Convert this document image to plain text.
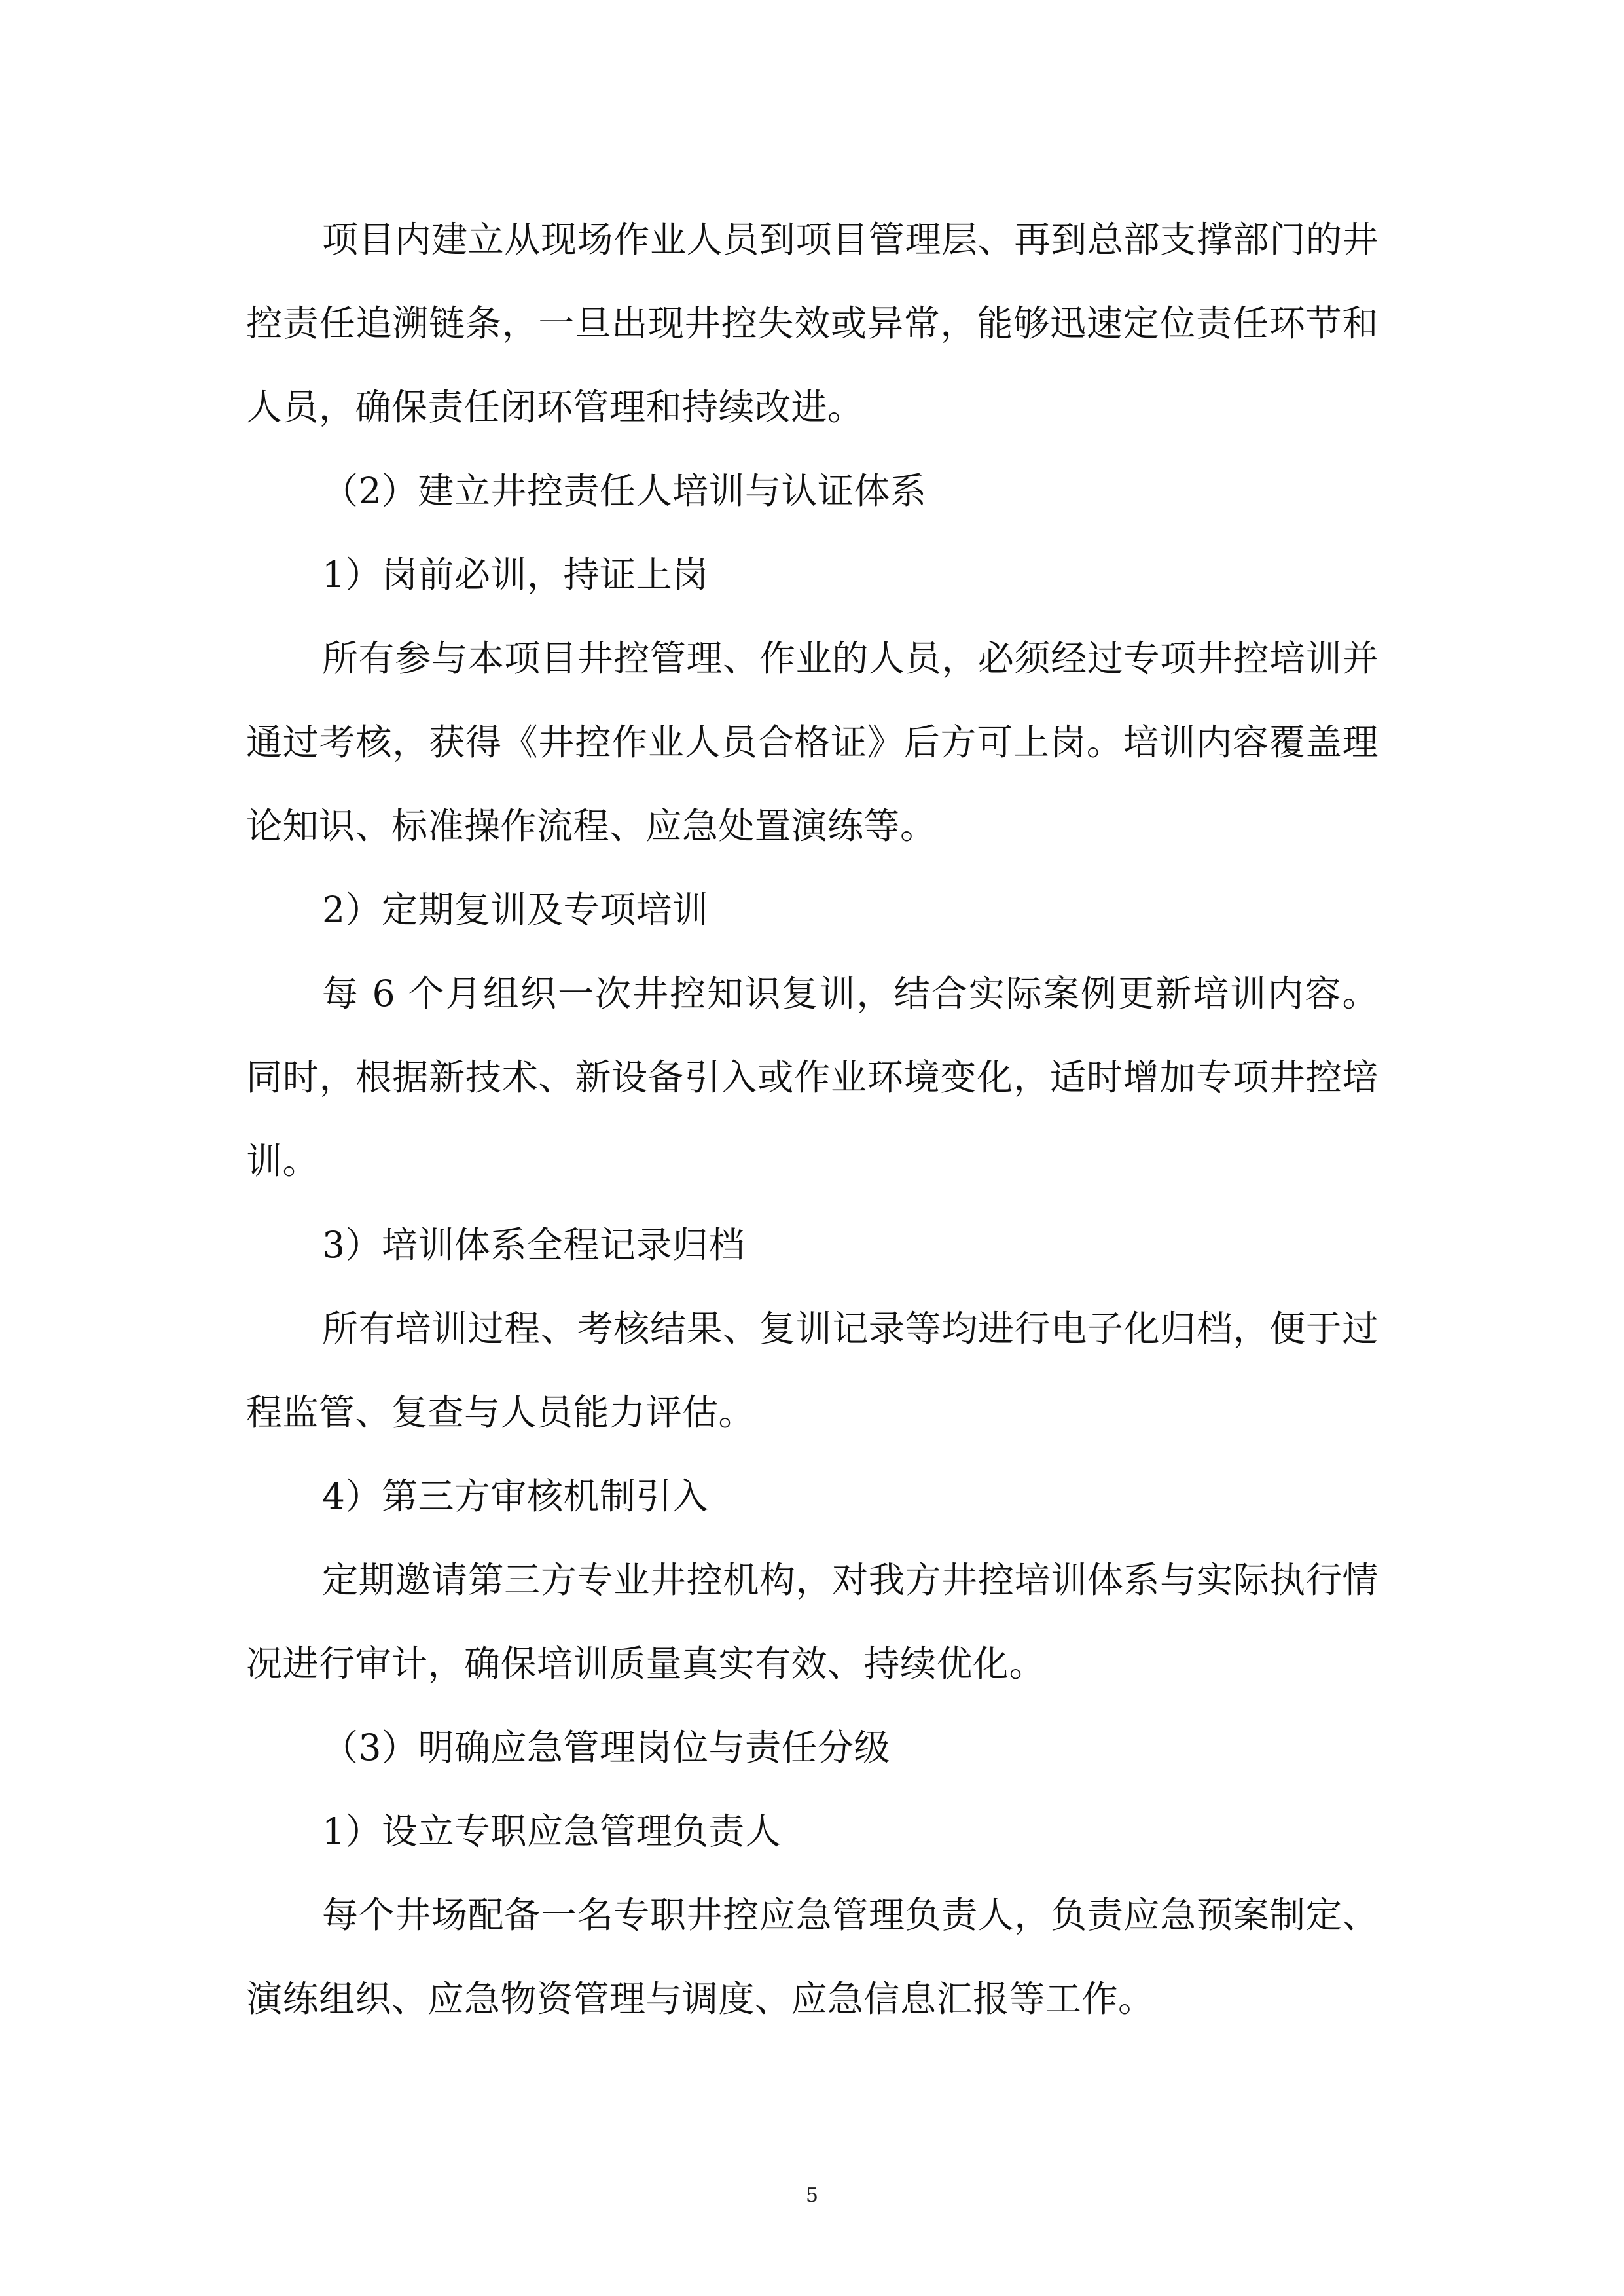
项目内建立从现场作业人员到项目管理层、再到总部支撑部门的井控责任追溯链条，一旦出现井控失效或异常，能够迅速定位责任环节和人员，确保责任闭环管理和持续改进。

（2）建立井控责任人培训与认证体系

1）岗前必训，持证上岗

所有参与本项目井控管理、作业的人员，必须经过专项井控培训并通过考核，获得《井控作业人员合格证》后方可上岗。培训内容覆盖理论知识、标准操作流程、应急处置演练等。

2）定期复训及专项培训

每 6 个月组织一次井控知识复训，结合实际案例更新培训内容。同时，根据新技术、新设备引入或作业环境变化，适时增加专项井控培训。

3）培训体系全程记录归档

所有培训过程、考核结果、复训记录等均进行电子化归档，便于过程监管、复查与人员能力评估。

4）第三方审核机制引入

定期邀请第三方专业井控机构，对我方井控培训体系与实际执行情况进行审计，确保培训质量真实有效、持续优化。

（3）明确应急管理岗位与责任分级

1）设立专职应急管理负责人

每个井场配备一名专职井控应急管理负责人，负责应急预案制定、演练组织、应急物资管理与调度、应急信息汇报等工作。

5
